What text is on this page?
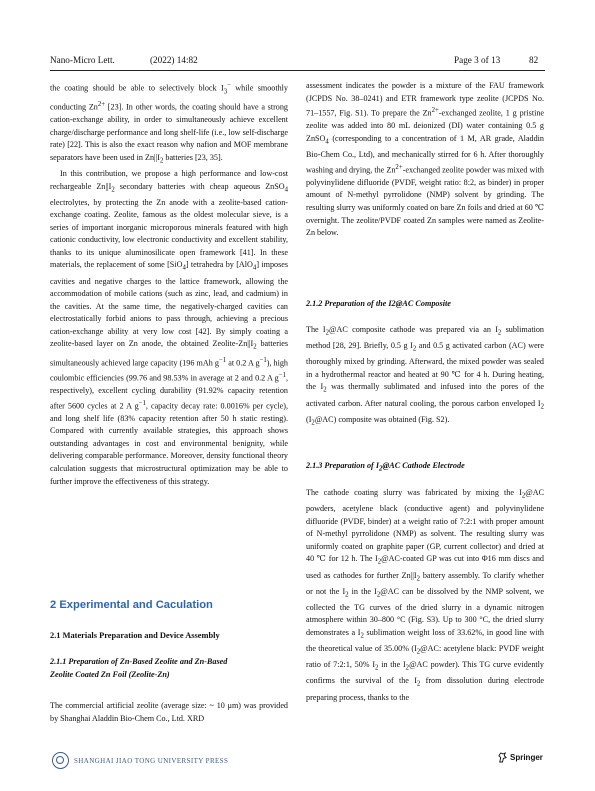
Nano-Micro Lett.	(2022) 14:82	Page 3 of 13	82

the coating should be able to selectively block $I_3^-$ while smoothly conducting $Zn^{2+}$ [23]. In other words, the coating should have a strong cation-exchange ability, in order to simultaneously achieve excellent charge/discharge performance and long shelf-life (i.e., low self-discharge rate) [22]. This is also the exact reason why nafion and MOF membrane separators have been used in $Zn||I_2$ batteries [23, 35].

In this contribution, we propose a high performance and low-cost rechargeable $Zn||I_2$ secondary batteries with cheap aqueous ZnSO$_4$ electrolytes, by protecting the Zn anode with a zeolite-based cation-exchange coating. Zeolite, famous as the oldest molecular sieve, is a series of important inorganic microporous minerals featured with high cationic conductivity, low electronic conductivity and excellent stability, thanks to its unique aluminosilicate open framework [41]. In these materials, the replacement of some [SiO$_4$] tetrahedra by [AlO$_4$] imposes cavities and negative charges to the lattice framework, allowing the accommodation of mobile cations (such as zinc, lead, and cadmium) in the cavities. At the same time, the negatively-charged cavities can electrostatically forbid anions to pass through, achieving a precious cation-exchange ability at very low cost [42]. By simply coating a zeolite-based layer on Zn anode, the obtained Zeolite-$Zn||I_2$ batteries simultaneously achieved large capacity (196 mAh $g^{-1}$ at 0.2 A $g^{-1}$), high coulombic efficiencies (99.76 and 98.53% in average at 2 and 0.2 A $g^{-1}$, respectively), excellent cycling durability (91.92% capacity retention after 5600 cycles at 2 A $g^{-1}$, capacity decay rate: 0.0016% per cycle), and long shelf life (83% capacity retention after 50 h static resting). Compared with currently available strategies, this approach shows outstanding advantages in cost and environmental benignity, while delivering comparable performance. Moreover, density functional theory calculation suggests that microstructural optimization may be able to further improve the effectiveness of this strategy.

2 Experimental and Caculation
2.1 Materials Preparation and Device Assembly
2.1.1 Preparation of Zn-Based Zeolite and Zn-Based
Zeolite Coated Zn Foil (Zeolite-Zn)

The commercial artificial zeolite (average size: ~ 10 μm) was provided by Shanghai Aladdin Bio-Chem Co., Ltd. XRD

assessment indicates the powder is a mixture of the FAU framework (JCPDS No. 38–0241) and ETR framework type zeolite (JCPDS No. 71–1557, Fig. S1). To prepare the $Zn^{2+}$-exchanged zeolite, 1 g pristine zeolite was added into 80 mL deionized (DI) water containing 0.5 g ZnSO$_4$ (corresponding to a concentration of 1 M, AR grade, Aladdin Bio-Chem Co., Ltd), and mechanically stirred for 6 h. After thoroughly washing and drying, the $Zn^{2+}$-exchanged zeolite powder was mixed with polyvinylidene difluoride (PVDF, weight ratio: 8:2, as binder) in proper amount of N-methyl pyrrolidone (NMP) solvent by grinding. The resulting slurry was uniformly coated on bare Zn foils and dried at 60 ℃ overnight. The zeolite/PVDF coated Zn samples were named as Zeolite-Zn below.

2.1.2 Preparation of the I2@AC Composite

The $I_2@AC$ composite cathode was prepared via an $I_2$ sublimation method [28, 29]. Briefly, 0.5 g $I_2$ and 0.5 g activated carbon (AC) were thoroughly mixed by grinding. Afterward, the mixed powder was sealed in a hydrothermal reactor and heated at 90 ℃ for 4 h. During heating, the $I_2$ was thermally sublimated and infused into the pores of the activated carbon. After natural cooling, the porous carbon enveloped $I_2$ $(I_2@AC)$ composite was obtained (Fig. S2).

2.1.3 Preparation of $I_2@AC$ Cathode Electrode

The cathode coating slurry was fabricated by mixing the $I_2@AC$ powders, acetylene black (conductive agent) and polyvinylidene difluoride (PVDF, binder) at a weight ratio of 7:2:1 with proper amount of N-methyl pyrrolidone (NMP) as solvent. The resulting slurry was uniformly coated on graphite paper (GP, current collector) and dried at 40 ℃ for 12 h. The $I_2@AC$-coated GP was cut into Φ16 mm discs and used as cathodes for further $Zn||I_2$ battery assembly. To clarify whether or not the $I_2$ in the $I_2@AC$ can be dissolved by the NMP solvent, we collected the TG curves of the dried slurry in a dynamic nitrogen atmosphere within 30–800 °C (Fig. S3). Up to 300 °C, the dried slurry demonstrates a $I_2$ sublimation weight loss of 33.62%, in good line with the theoretical value of 35.00% ($I_2@AC$: acetylene black: PVDF weight ratio of 7:2:1, 50% $I_2$ in the $I_2@AC$ powder). This TG curve evidently confirms the survival of the $I_2$ from dissolution during electrode preparing process, thanks to the

SHANGHAI JIAO TONG UNIVERSITY PRESS	Springer
